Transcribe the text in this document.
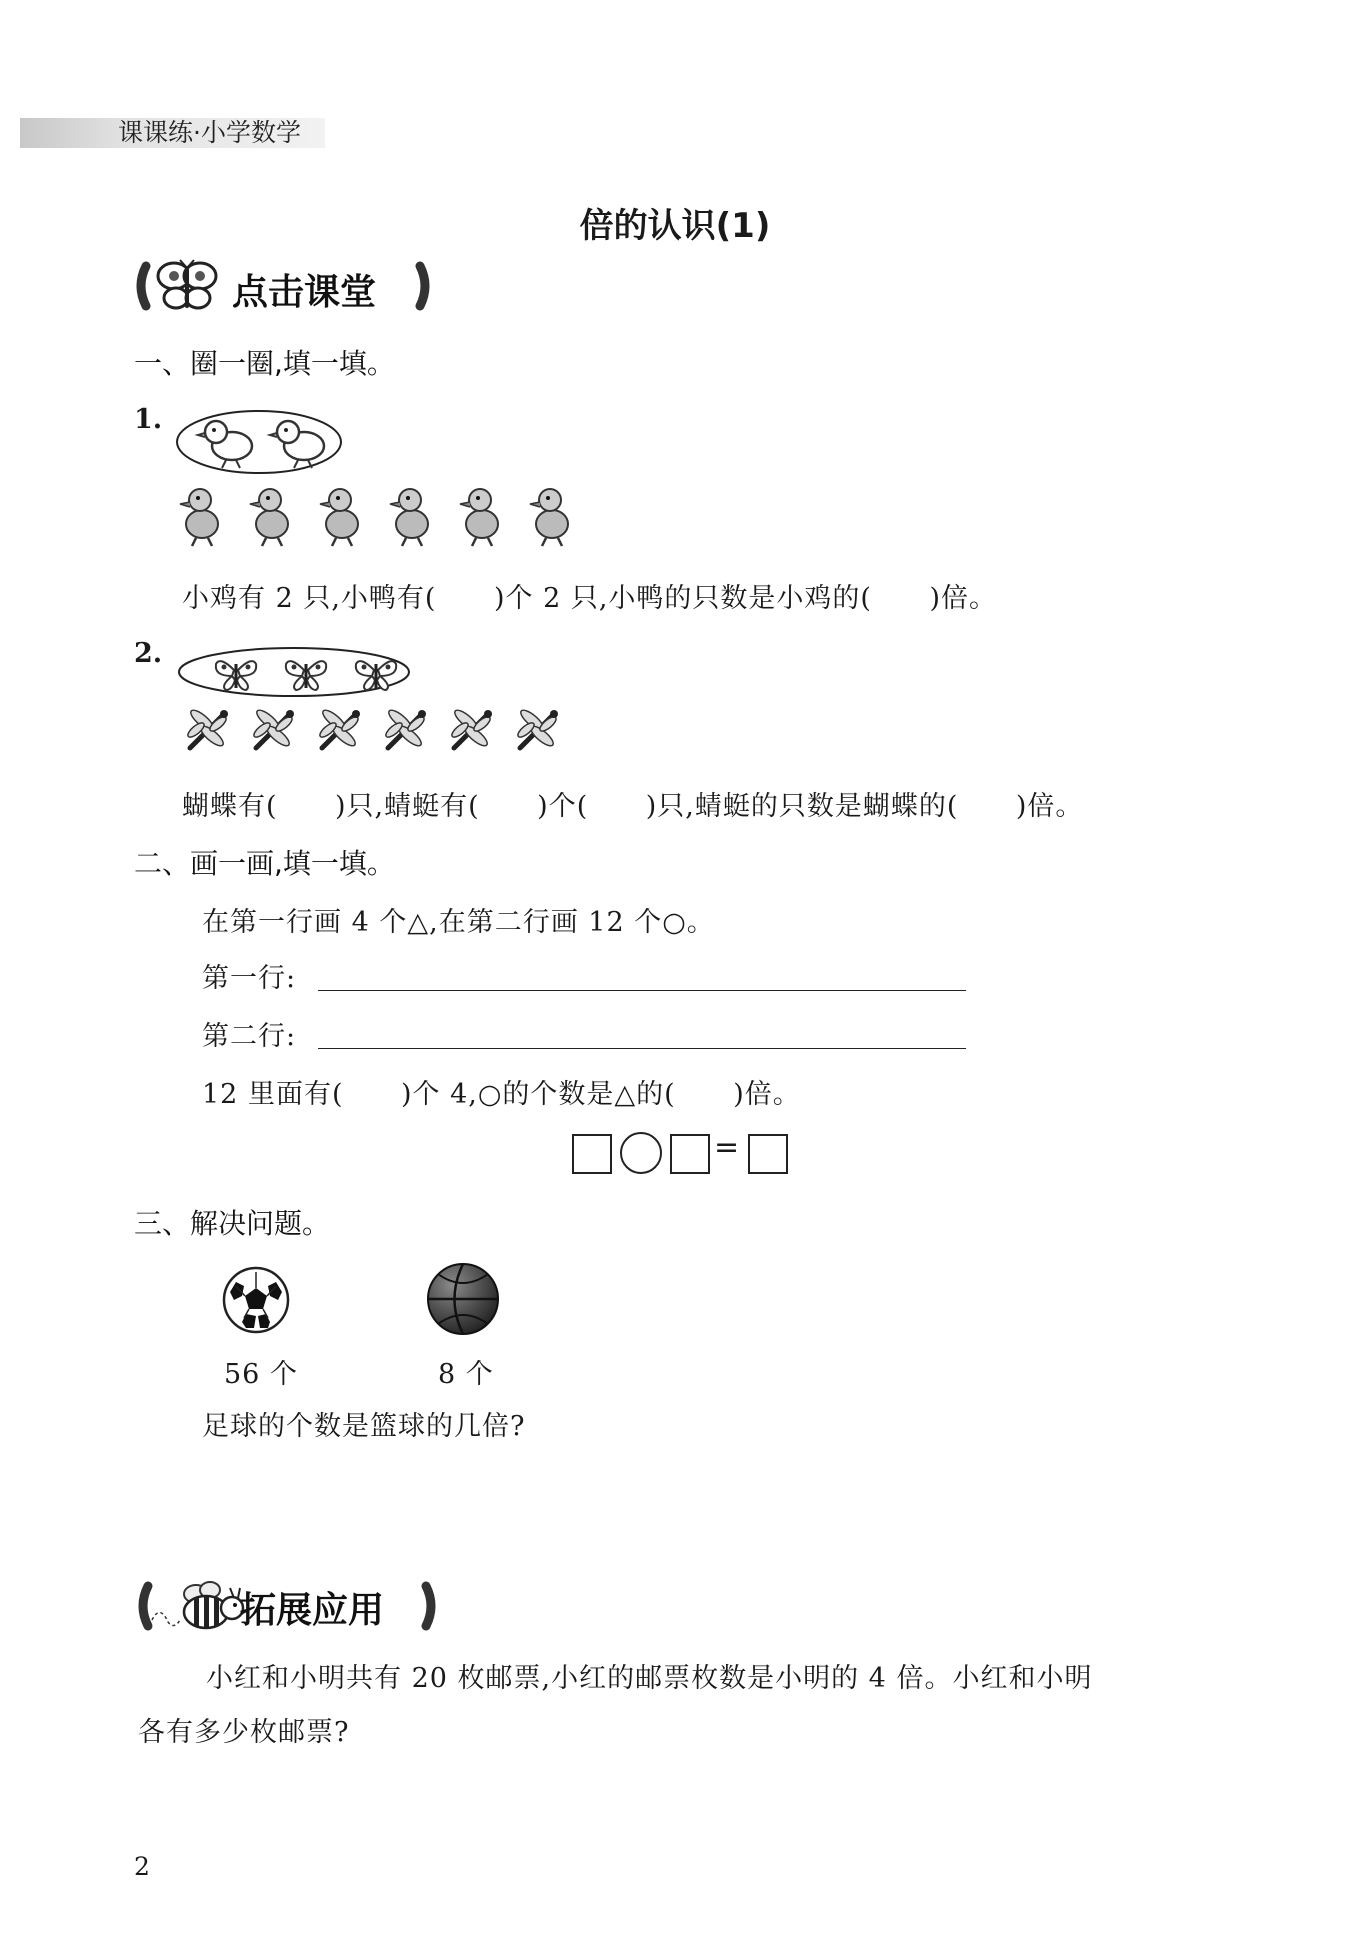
课课练·小学数学
倍的认识(1)
点击课堂
一、圈一圈,填一填。
1.
小鸡有 2 只,小鸭有(      )个 2 只,小鸭的只数是小鸡的(      )倍。
2.
蝴蝶有(      )只,蜻蜓有(      )个(      )只,蜻蜓的只数是蝴蝶的(      )倍。
二、画一画,填一填。
在第一行画 4 个△,在第二行画 12 个○。
第一行:
第二行:
12 里面有(      )个 4,○的个数是△的(      )倍。
=
三、解决问题。
56 个	8 个
足球的个数是篮球的几倍?
拓展应用
小红和小明共有 20 枚邮票,小红的邮票枚数是小明的 4 倍。小红和小明
各有多少枚邮票?
2
